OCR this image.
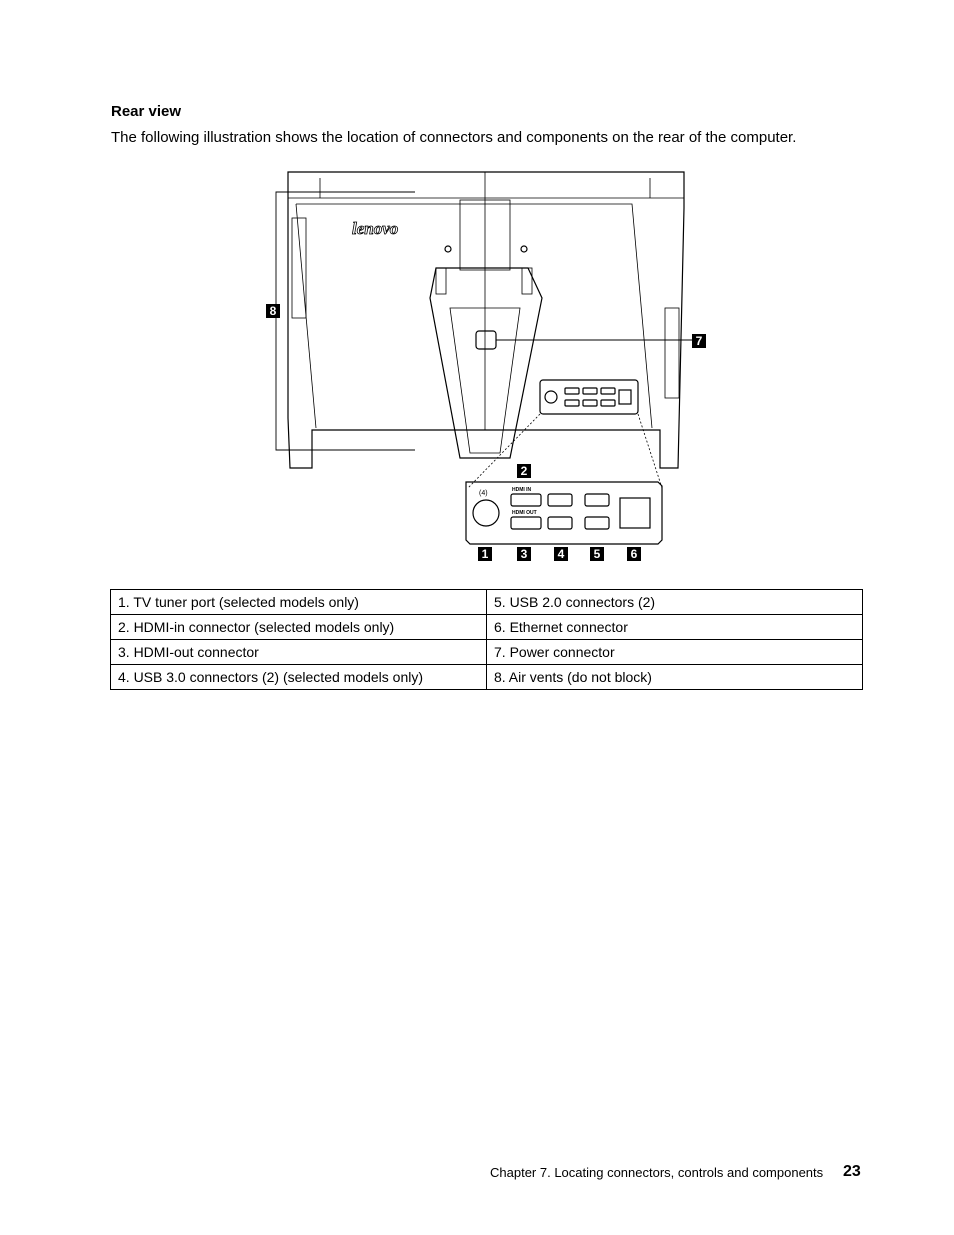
Rear view

The following illustration shows the location of connectors and components on the rear of the computer.

lenovo
(4)	HDMI IN
HDMI OUT
8
7
2
1	3	4 5	6
1. TV tuner port (selected models only)	5. USB 2.0 connectors (2)
2. HDMI-in connector (selected models only)	6. Ethernet connector
3. HDMI-out connector	7. Power connector
4. USB 3.0 connectors (2) (selected models only)	8. Air vents (do not block)
Chapter 7. Locating connectors, controls and components 23
